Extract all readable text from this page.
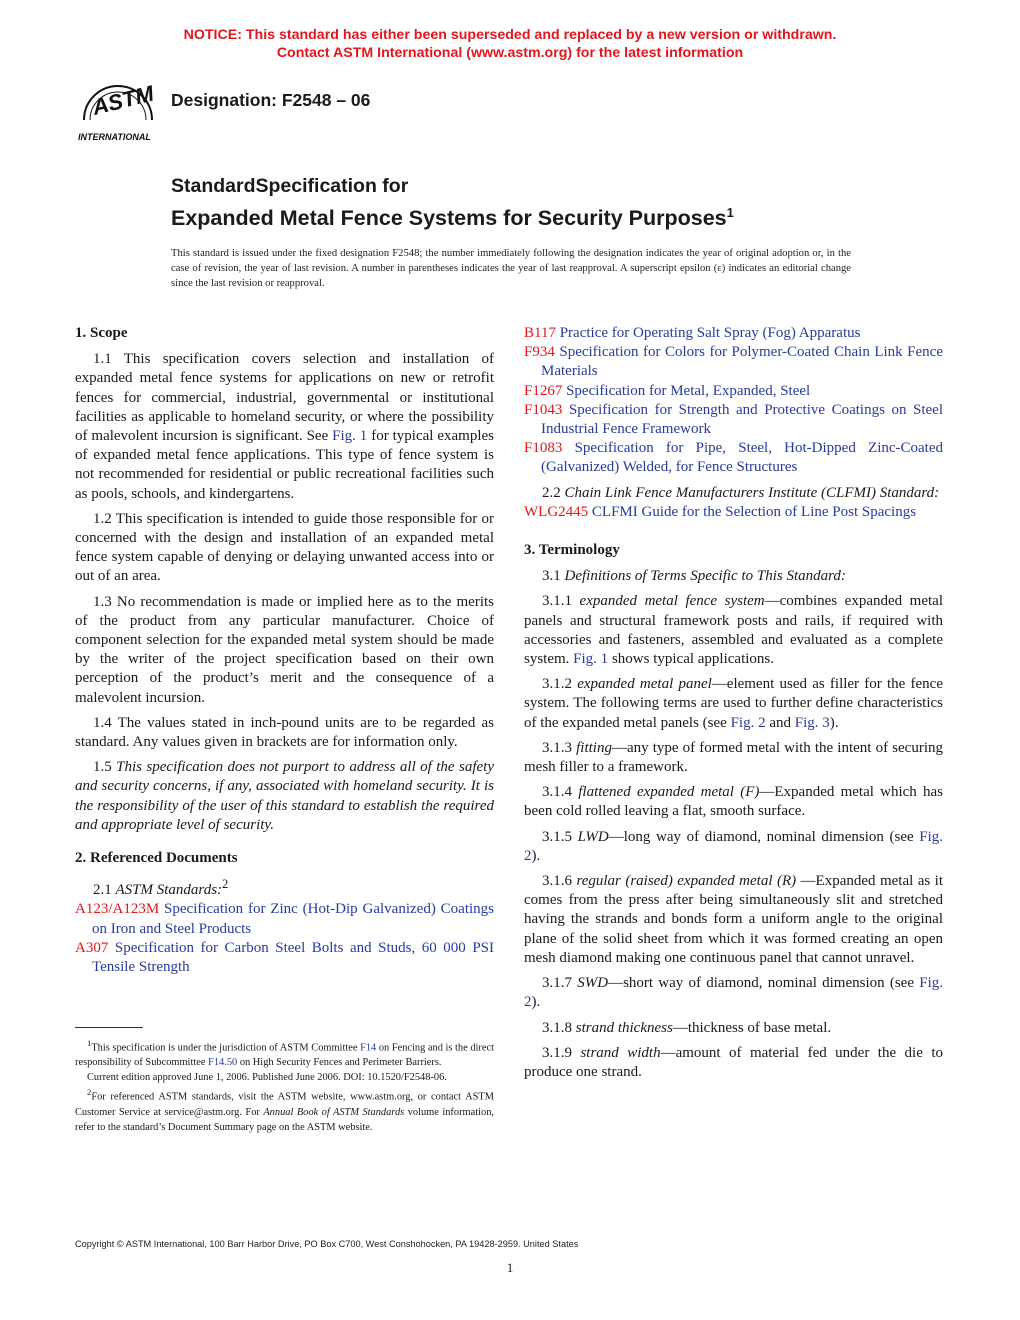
NOTICE: This standard has either been superseded and replaced by a new version or withdrawn.
Contact ASTM International (www.astm.org) for the latest information
ASTM
INTERNATIONAL
Designation: F2548 – 06
StandardSpecification for
Expanded Metal Fence Systems for Security Purposes$^1$
This standard is issued under the fixed designation F2548; the number immediately following the designation indicates the year of original adoption or, in the case of revision, the year of last revision. A number in parentheses indicates the year of last reapproval. A superscript epsilon (ε) indicates an editorial change since the last revision or reapproval.
1. Scope

1.1 This specification covers selection and installation of expanded metal fence systems for applications on new or retrofit fences for commercial, industrial, governmental or institutional facilities as applicable to homeland security, or where the possibility of malevolent incursion is significant. See Fig. 1 for typical examples of expanded metal fence applications. This type of fence system is not recommended for residential or public recreational facilities such as pools, schools, and kindergartens.

1.2 This specification is intended to guide those responsible for or concerned with the design and installation of an expanded metal fence system capable of denying or delaying unwanted access into or out of an area.

1.3 No recommendation is made or implied here as to the merits of the product from any particular manufacturer. Choice of component selection for the expanded metal system should be made by the writer of the project specification based on their own perception of the product’s merit and the consequence of a malevolent incursion.

1.4 The values stated in inch-pound units are to be regarded as standard. Any values given in brackets are for information only.

1.5 This specification does not purport to address all of the safety and security concerns, if any, associated with homeland security. It is the responsibility of the user of this standard to establish the required and appropriate level of security.

2. Referenced Documents

2.1 ASTM Standards:$^2$

A123/A123M Specification for Zinc (Hot-Dip Galvanized) Coatings on Iron and Steel Products
A307 Specification for Carbon Steel Bolts and Studs, 60 000 PSI Tensile Strength
B117 Practice for Operating Salt Spray (Fog) Apparatus
F934 Specification for Colors for Polymer-Coated Chain Link Fence Materials
F1267 Specification for Metal, Expanded, Steel
F1043 Specification for Strength and Protective Coatings on Steel Industrial Fence Framework
F1083 Specification for Pipe, Steel, Hot-Dipped Zinc-Coated (Galvanized) Welded, for Fence Structures

2.2 Chain Link Fence Manufacturers Institute (CLFMI) Standard:

WLG2445 CLFMI Guide for the Selection of Line Post Spacings
3. Terminology

3.1 Definitions of Terms Specific to This Standard:

3.1.1 expanded metal fence system—combines expanded metal panels and structural framework posts and rails, if required with accessories and fasteners, assembled and evaluated as a complete system. Fig. 1 shows typical applications.

3.1.2 expanded metal panel—element used as filler for the fence system. The following terms are used to further define characteristics of the expanded metal panels (see Fig. 2 and Fig. 3).

3.1.3 fitting—any type of formed metal with the intent of securing mesh filler to a framework.

3.1.4 flattened expanded metal (F)—Expanded metal which has been cold rolled leaving a flat, smooth surface.

3.1.5 LWD—long way of diamond, nominal dimension (see Fig. 2).

3.1.6 regular (raised) expanded metal (R) —Expanded metal as it comes from the press after being simultaneously slit and stretched having the strands and bonds form a uniform angle to the original plane of the solid sheet from which it was formed creating an open mesh diamond making one continuous panel that cannot unravel.

3.1.7 SWD—short way of diamond, nominal dimension (see Fig. 2).

3.1.8 strand thickness—thickness of base metal.

3.1.9 strand width—amount of material fed under the die to produce one strand.

$^1$This specification is under the jurisdiction of ASTM Committee F14 on Fencing and is the direct responsibility of Subcommittee F14.50 on High Security Fences and Perimeter Barriers.

Current edition approved June 1, 2006. Published June 2006. DOI: 10.1520/F2548-06.

$^2$For referenced ASTM standards, visit the ASTM website, www.astm.org, or contact ASTM Customer Service at service@astm.org. For Annual Book of ASTM Standards volume information, refer to the standard’s Document Summary page on the ASTM website.

Copyright © ASTM International, 100 Barr Harbor Drive, PO Box C700, West Conshohocken, PA 19428-2959. United States
1
